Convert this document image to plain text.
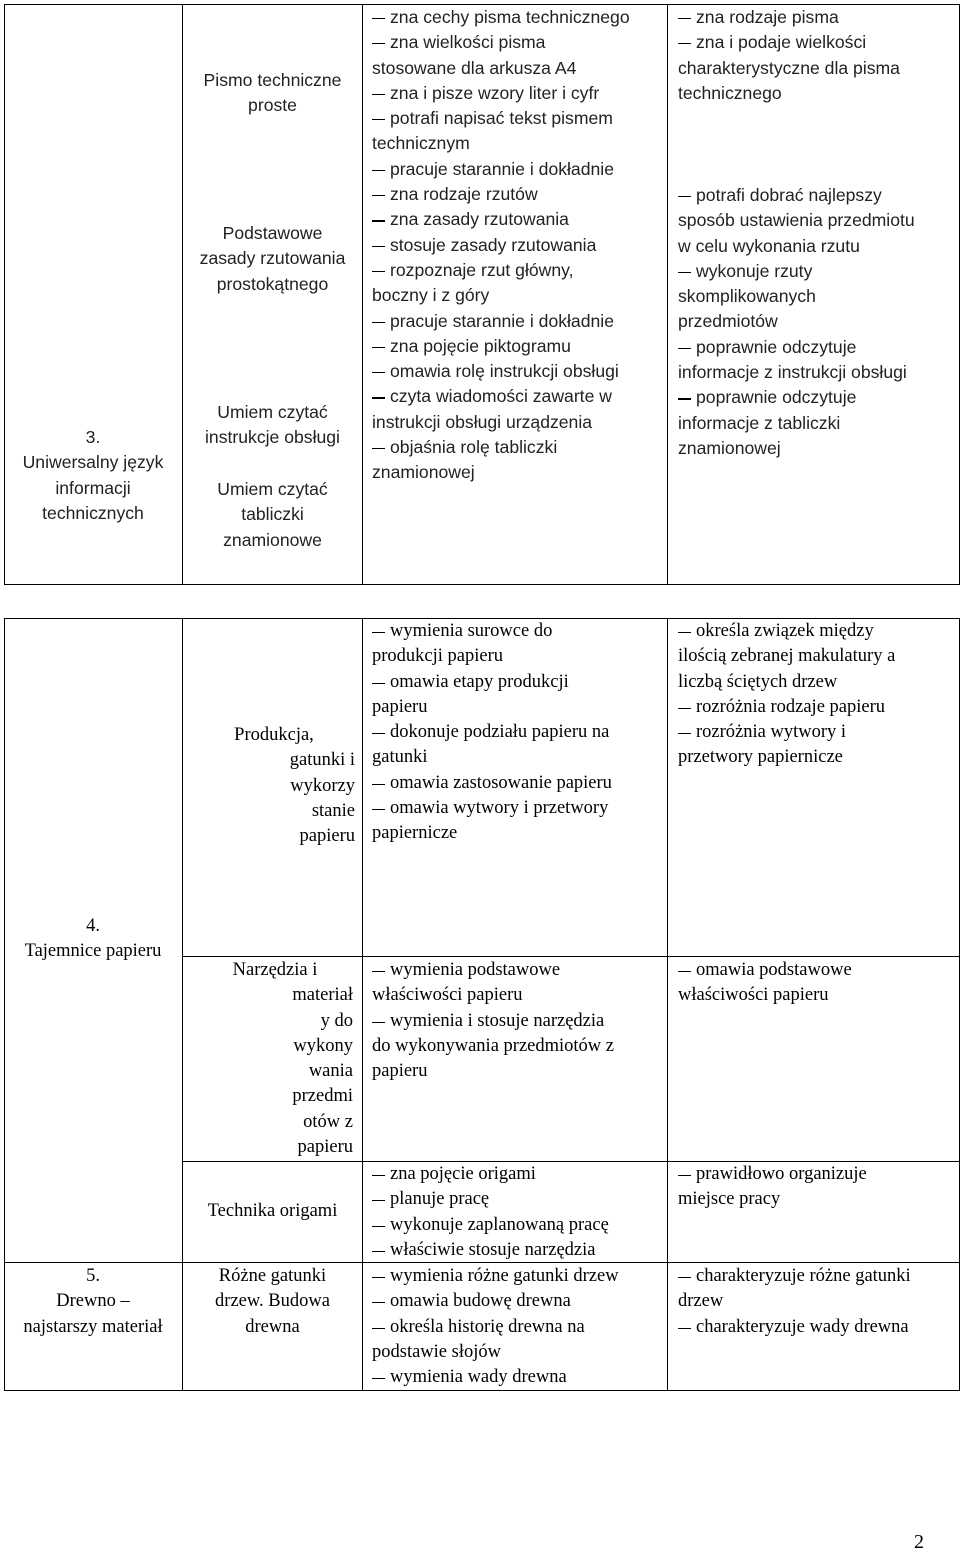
3.
Uniwersalny język
informacji
technicznych
Pismo techniczne
proste
Podstawowe
zasady rzutowania
prostokątnego
Umiem czytać
instrukcje obsługi
Umiem czytać
tabliczki
znamionowe
zna cechy pisma technicznego
zna wielkości pisma
stosowane dla arkusza A4
zna i pisze wzory liter i cyfr
potrafi napisać tekst pismem
technicznym
pracuje starannie i dokładnie
zna rodzaje rzutów
zna zasady rzutowania
stosuje zasady rzutowania
rozpoznaje rzut główny,
boczny i z góry
pracuje starannie i dokładnie
zna pojęcie piktogramu
omawia rolę instrukcji obsługi
czyta wiadomości zawarte w
instrukcji obsługi urządzenia
objaśnia rolę tabliczki
znamionowej
zna rodzaje pisma
zna i podaje wielkości
charakterystyczne dla pisma
technicznego
potrafi dobrać najlepszy
sposób ustawienia przedmiotu
w celu wykonania rzutu
wykonuje rzuty
skomplikowanych
przedmiotów
poprawnie odczytuje
informacje z instrukcji obsługi
poprawnie odczytuje
informacje z tabliczki
znamionowej
4.
Tajemnice papieru
Produkcja,
gatunki i
wykorzy
stanie
papieru
Narzędzia i
materiał
y do
wykony
wania
przedmi
otów z
papieru
Technika origami
wymienia surowce do
produkcji papieru
omawia etapy produkcji
papieru
dokonuje podziału papieru na
gatunki
omawia zastosowanie papieru
omawia wytwory i przetwory
papiernicze
określa związek między
ilością zebranej makulatury a
liczbą ściętych drzew
rozróżnia rodzaje papieru
rozróżnia wytwory i
przetwory papiernicze
wymienia podstawowe
właściwości papieru
wymienia i stosuje narzędzia
do wykonywania przedmiotów z
papieru
omawia podstawowe
właściwości papieru
zna pojęcie origami
planuje pracę
wykonuje zaplanowaną pracę
właściwie stosuje narzędzia
prawidłowo organizuje
miejsce pracy
5.
Drewno –
najstarszy materiał
Różne gatunki
drzew. Budowa
drewna
wymienia różne gatunki drzew
omawia budowę drewna
określa historię drewna na
podstawie słojów
wymienia wady drewna
charakteryzuje różne gatunki
drzew
charakteryzuje wady drewna
2
